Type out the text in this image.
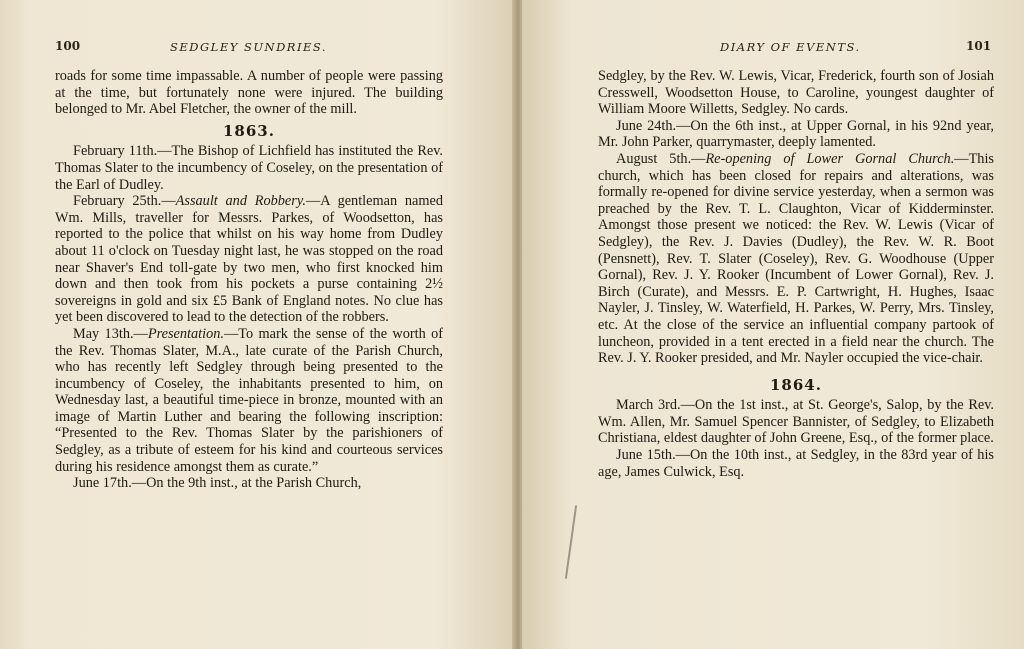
100	SEDGLEY SUNDRIES.

roads for some time impassable. A number of people were passing at the time, but fortunately none were injured. The building belonged to Mr. Abel Fletcher, the owner of the mill.

1863.

February 11th.—The Bishop of Lichfield has instituted the Rev. Thomas Slater to the incumbency of Coseley, on the presentation of the Earl of Dudley.

February 25th.—Assault and Robbery.—A gentleman named Wm. Mills, traveller for Messrs. Parkes, of Woodsetton, has reported to the police that whilst on his way home from Dudley about 11 o'clock on Tuesday night last, he was stopped on the road near Shaver's End toll-gate by two men, who first knocked him down and then took from his pockets a purse containing 2½ sovereigns in gold and six £5 Bank of England notes. No clue has yet been discovered to lead to the detection of the robbers.

May 13th.—Presentation.—To mark the sense of the worth of the Rev. Thomas Slater, M.A., late curate of the Parish Church, who has recently left Sedgley through being presented to the incumbency of Coseley, the inhabitants presented to him, on Wednesday last, a beautiful time-piece in bronze, mounted with an image of Martin Luther and bearing the following inscription: “Presented to the Rev. Thomas Slater by the parishioners of Sedgley, as a tribute of esteem for his kind and courteous services during his residence amongst them as curate.”

June 17th.—On the 9th inst., at the Parish Church,

DIARY OF EVENTS.	101

Sedgley, by the Rev. W. Lewis, Vicar, Frederick, fourth son of Josiah Cresswell, Woodsetton House, to Caroline, youngest daughter of William Moore Willetts, Sedgley. No cards.

June 24th.—On the 6th inst., at Upper Gornal, in his 92nd year, Mr. John Parker, quarrymaster, deeply lamented.

August 5th.—Re-opening of Lower Gornal Church.—This church, which has been closed for repairs and alterations, was formally re-opened for divine service yesterday, when a sermon was preached by the Rev. T. L. Claughton, Vicar of Kidderminster. Amongst those present we noticed: the Rev. W. Lewis (Vicar of Sedgley), the Rev. J. Davies (Dudley), the Rev. W. R. Boot (Pensnett), Rev. T. Slater (Coseley), Rev. G. Woodhouse (Upper Gornal), Rev. J. Y. Rooker (Incumbent of Lower Gornal), Rev. J. Birch (Curate), and Messrs. E. P. Cartwright, H. Hughes, Isaac Nayler, J. Tinsley, W. Waterfield, H. Parkes, W. Perry, Mrs. Tinsley, etc. At the close of the service an influential company partook of luncheon, provided in a tent erected in a field near the church. The Rev. J. Y. Rooker presided, and Mr. Nayler occupied the vice-chair.

1864.

March 3rd.—On the 1st inst., at St. George's, Salop, by the Rev. Wm. Allen, Mr. Samuel Spencer Bannister, of Sedgley, to Elizabeth Christiana, eldest daughter of John Greene, Esq., of the former place.

June 15th.—On the 10th inst., at Sedgley, in the 83rd year of his age, James Culwick, Esq.
